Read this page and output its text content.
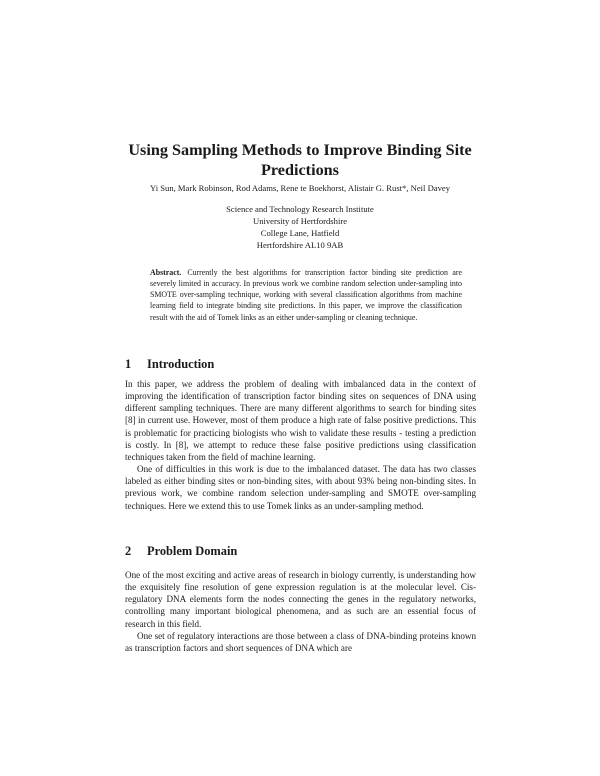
Using Sampling Methods to Improve Binding Site Predictions
Yi Sun, Mark Robinson, Rod Adams, Rene te Boekhorst, Alistair G. Rust*, Neil Davey
Science and Technology Research Institute
University of Hertfordshire
College Lane, Hatfield
Hertfordshire AL10 9AB
Abstract. Currently the best algorithms for transcription factor binding site prediction are severely limited in accuracy. In previous work we combine random selection under-sampling into SMOTE over-sampling technique, working with several classification algorithms from machine learning field to integrate binding site predictions. In this paper, we improve the classification result with the aid of Tomek links as an either under-sampling or cleaning technique.
1 Introduction

In this paper, we address the problem of dealing with imbalanced data in the context of improving the identification of transcription factor binding sites on sequences of DNA using different sampling techniques. There are many different algorithms to search for binding sites [8] in current use. However, most of them produce a high rate of false positive predictions. This is problematic for practicing biologists who wish to validate these results - testing a prediction is costly. In [8], we attempt to reduce these false positive predictions using classification techniques taken from the field of machine learning.

One of difficulties in this work is due to the imbalanced dataset. The data has two classes labeled as either binding sites or non-binding sites, with about 93% being non-binding sites. In previous work, we combine random selection under-sampling and SMOTE over-sampling techniques. Here we extend this to use Tomek links as an under-sampling method.

2 Problem Domain

One of the most exciting and active areas of research in biology currently, is understanding how the exquisitely fine resolution of gene expression regulation is at the molecular level. Cis-regulatory DNA elements form the nodes connecting the genes in the regulatory networks, controlling many important biological phenomena, and as such are an essential focus of research in this field.

One set of regulatory interactions are those between a class of DNA-binding proteins known as transcription factors and short sequences of DNA which are
